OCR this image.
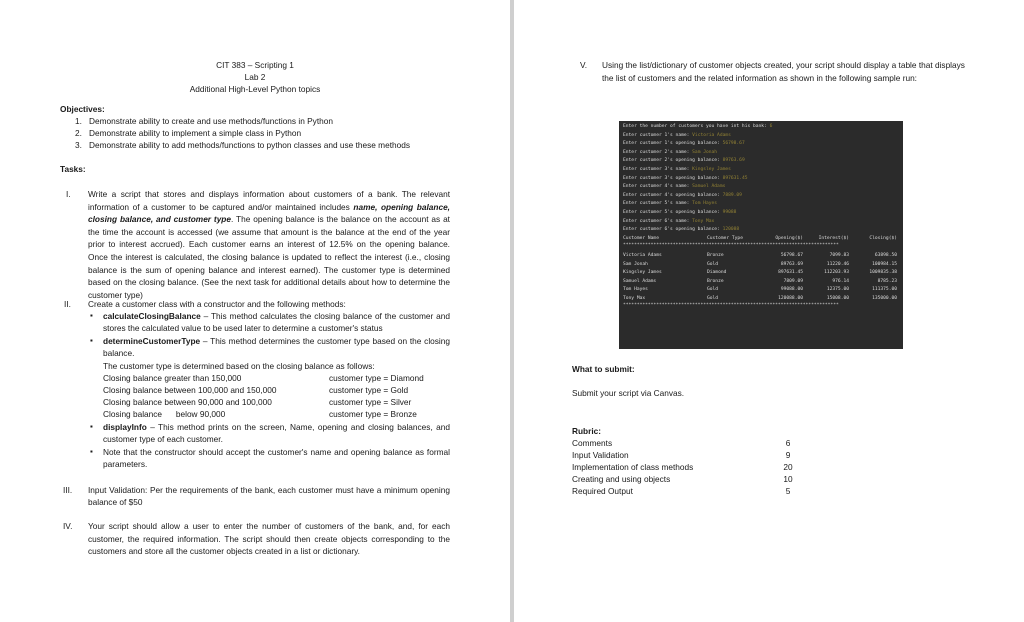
CIT 383 – Scripting 1
Lab 2
Additional High-Level Python topics
Objectives:
1. Demonstrate ability to create and use methods/functions in Python
2. Demonstrate ability to implement a simple class in Python
3. Demonstrate ability to add methods/functions to python classes and use these methods
Tasks:
I. Write a script that stores and displays information about customers of a bank. The relevant information of a customer to be captured and/or maintained includes name, opening balance, closing balance, and customer type. The opening balance is the balance on the account as at the time the account is accessed (we assume that amount is the balance at the end of the year prior to interest accrued). Each customer earns an interest of 12.5% on the opening balance. Once the interest is calculated, the closing balance is updated to reflect the interest (i.e., closing balance is the sum of opening balance and interest earned). The customer type is determined based on the closing balance. (See the next task for additional details about how to determine the customer type)
II. Create a customer class with a constructor and the following methods:
▪ calculateClosingBalance – This method calculates the closing balance of the customer and stores the calculated value to be used later to determine a customer's status
▪ determineCustomerType – This method determines the customer type based on the closing balance.
The customer type is determined based on the closing balance as follows:
Closing balance greater than 150,000	customer type = Diamond
Closing balance between 100,000 and 150,000	customer type = Gold
Closing balance between 90,000 and 100,000	customer type = Silver
Closing balance      below 90,000	customer type = Bronze
▪ displayInfo – This method prints on the screen, Name, opening and closing balances, and customer type of each customer.
▪ Note that the constructor should accept the customer's name and opening balance as formal parameters.
III. Input Validation: Per the requirements of the bank, each customer must have a minimum opening balance of $50
IV. Your script should allow a user to enter the number of customers of the bank, and, for each customer, the required information. The script should then create objects corresponding to the customers and store all the customer objects created in a list or dictionary.
V. Using the list/dictionary of customer objects created, your script should display a table that displays the list of customers and the related information as shown in the following sample run:
Enter the number of customers you have int his bank: 6
Enter customer 1's name: Victoria Adams
Enter customer 1's opening balance: 56798.67
Enter customer 2's name: Sam Jonah
Enter customer 2's opening balance: 89763.69
Enter customer 3's name: Kingsley James
Enter customer 3's opening balance: 897631.45
Enter customer 4's name: Samuel Adams
Enter customer 4's opening balance: 7889.09
Enter customer 5's name: Tom Hayes
Enter customer 5's opening balance: 99088
Enter customer 6's name: Tony Max
Enter customer 6's opening balance: 120088
Customer Name	Customer Type	Opening($)	Interest($)	Closing($)
******************************************************************************
Victoria Adams	Bronze	56798.67	7099.83	63898.50
Sam Jonah	Gold	89763.69	11220.46	100984.15
Kingsley James	Diamond	897631.45	112203.93	1009835.38
Samuel Adams	Bronze	7809.09	976.14	8785.23
Tom Hayes	Gold	99088.00	12375.00	111375.00
Tony Max	Gold	120088.00	15008.00	135000.00
******************************************************************************
What to submit:
Submit your script via Canvas.
Rubric:
Comments	6
Input Validation	9
Implementation of class methods	20
Creating and using objects	10
Required Output	5
